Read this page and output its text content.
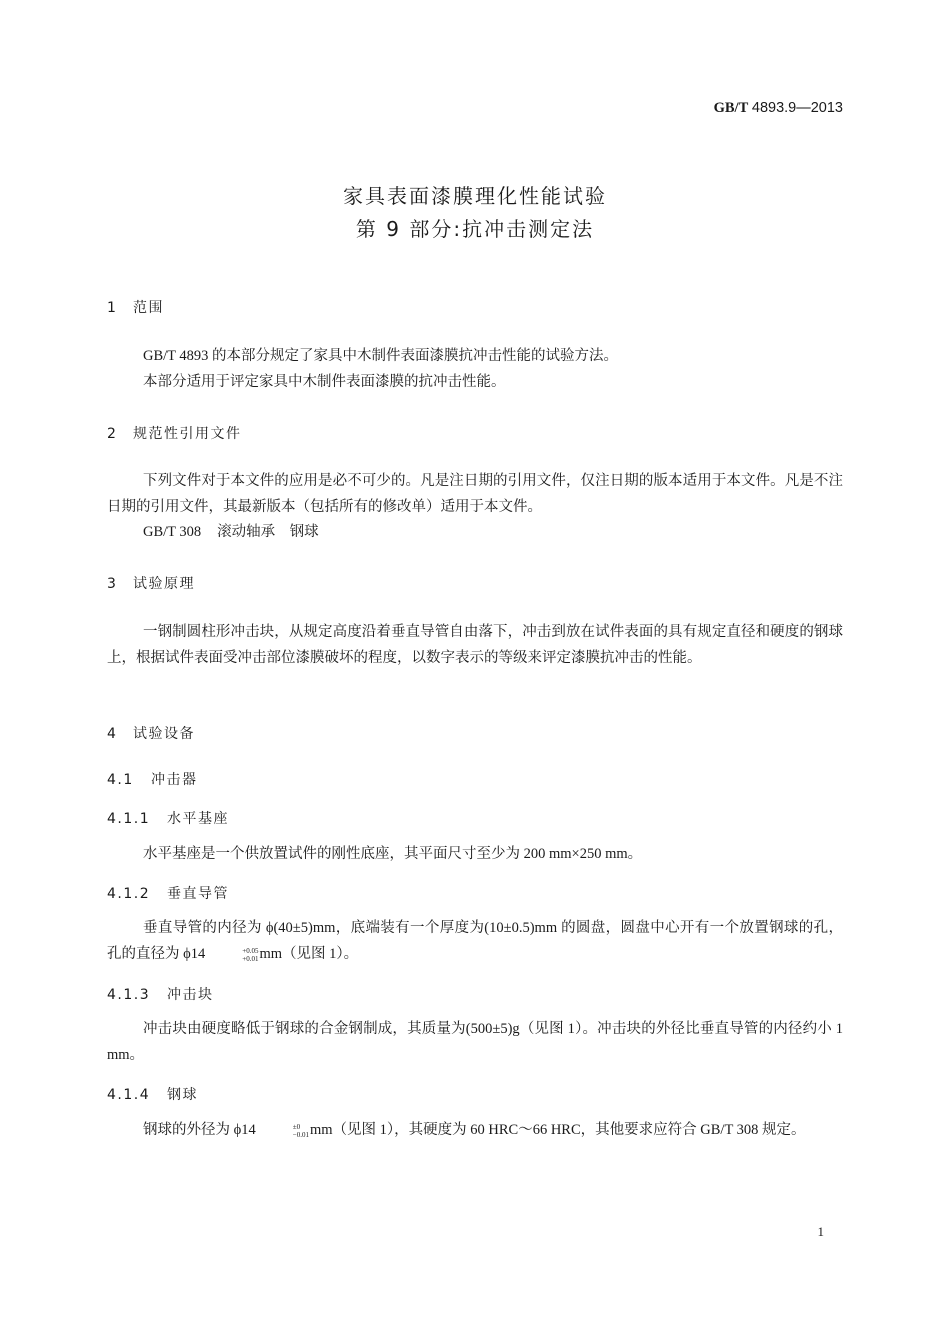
GB/T 4893.9—2013
家具表面漆膜理化性能试验
第 9 部分:抗冲击测定法
1 范围
GB/T 4893 的本部分规定了家具中木制件表面漆膜抗冲击性能的试验方法。
本部分适用于评定家具中木制件表面漆膜的抗冲击性能。
2 规范性引用文件
下列文件对于本文件的应用是必不可少的。凡是注日期的引用文件，仅注日期的版本适用于本文件。凡是不注日期的引用文件，其最新版本（包括所有的修改单）适用于本文件。
GB/T 308 滚动轴承　钢球
3 试验原理
一钢制圆柱形冲击块，从规定高度沿着垂直导管自由落下，冲击到放在试件表面的具有规定直径和硬度的钢球上，根据试件表面受冲击部位漆膜破坏的程度，以数字表示的等级来评定漆膜抗冲击的性能。
4 试验设备
4.1 冲击器
4.1.1 水平基座
水平基座是一个供放置试件的刚性底座，其平面尺寸至少为 200 mm×250 mm。
4.1.2 垂直导管
垂直导管的内径为 ϕ(40±5)mm，底端装有一个厚度为(10±0.5)mm 的圆盘，圆盘中心开有一个放置钢球的孔，孔的直径为 ϕ14	+0.05
+0.01 mm（见图 1）。
4.1.3 冲击块
冲击块由硬度略低于钢球的合金钢制成，其质量为(500±5)g（见图 1）。冲击块的外径比垂直导管的内径约小 1 mm。
4.1.4 钢球
钢球的外径为 ϕ14	±0
−0.01 mm（见图 1），其硬度为 60 HRC～66 HRC，其他要求应符合 GB/T 308 规定。
1
